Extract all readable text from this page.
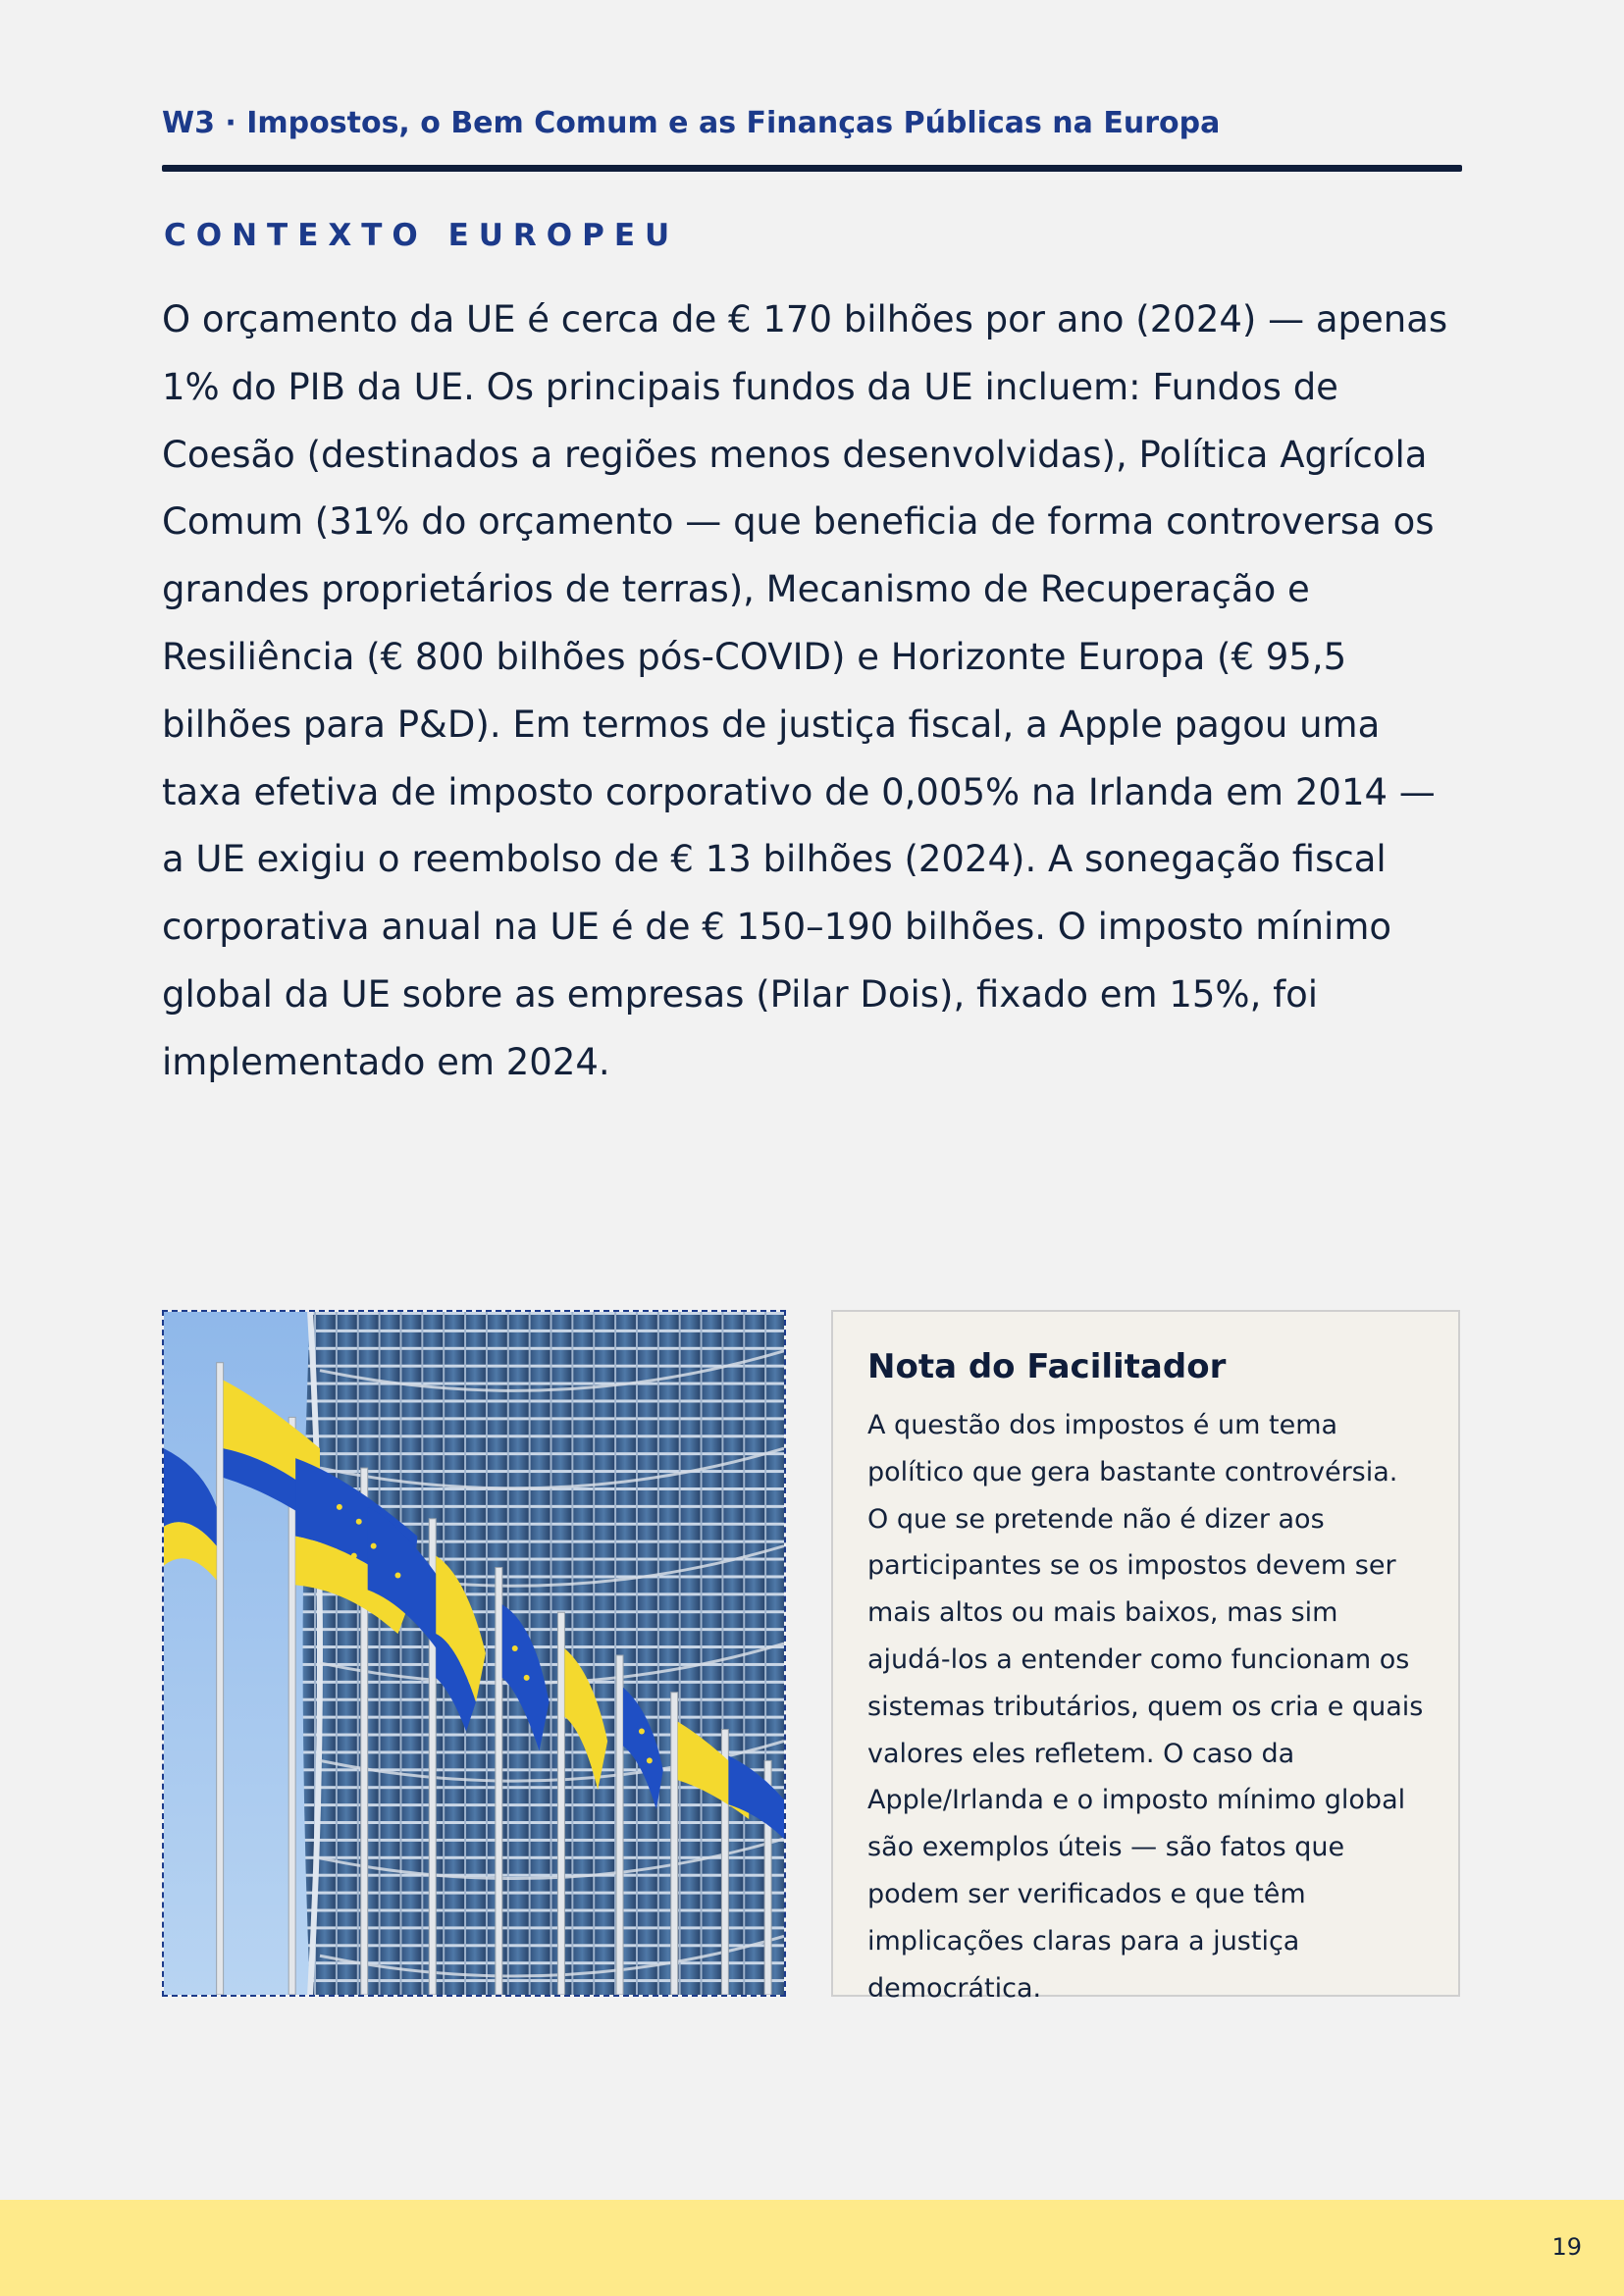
W3 · Impostos, o Bem Comum e as Finanças Públicas na Europa
CONTEXTO EUROPEU
O orçamento da UE é cerca de € 170 bilhões por ano (2024) — apenas 1% do PIB da UE. Os principais fundos da UE incluem: Fundos de Coesão (destinados a regiões menos desenvolvidas), Política Agrícola Comum (31% do orçamento — que beneficia de forma controversa os grandes proprietários de terras), Mecanismo de Recuperação e Resiliência (€ 800 bilhões pós-COVID) e Horizonte Europa (€ 95,5 bilhões para P&D). Em termos de justiça fiscal, a Apple pagou uma taxa efetiva de imposto corporativo de 0,005% na Irlanda em 2014 — a UE exigiu o reembolso de € 13 bilhões (2024). A sonegação fiscal corporativa anual na UE é de € 150–190 bilhões. O imposto mínimo global da UE sobre as empresas (Pilar Dois), fixado em 15%, foi implementado em 2024.
Nota do Facilitador
A questão dos impostos é um tema político que gera bastante controvérsia. O que se pretende não é dizer aos participantes se os impostos devem ser mais altos ou mais baixos, mas sim ajudá-los a entender como funcionam os sistemas tributários, quem os cria e quais valores eles refletem. O caso da Apple/Irlanda e o imposto mínimo global são exemplos úteis — são fatos que podem ser verificados e que têm implicações claras para a justiça democrática.
19
